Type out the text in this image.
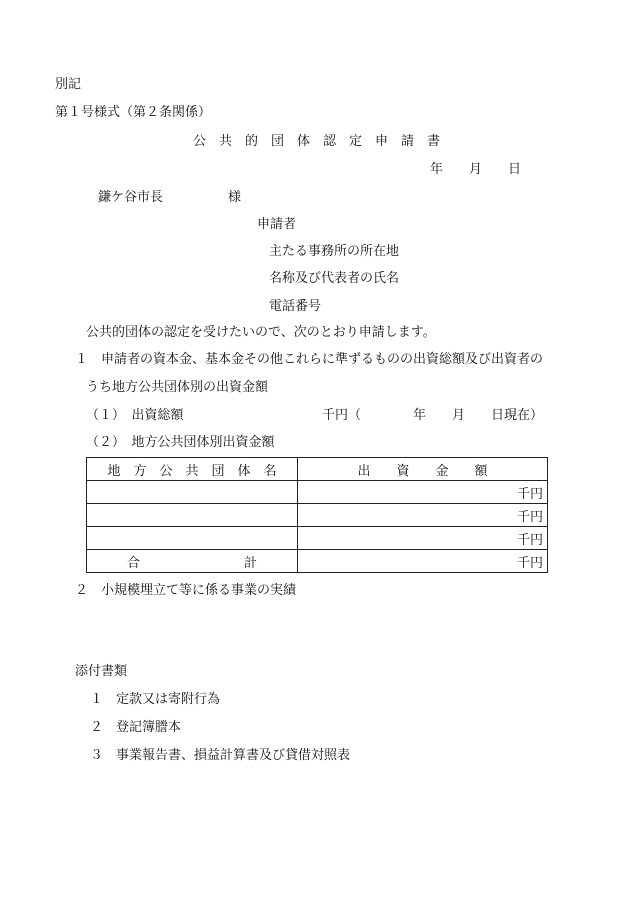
別記
第１号様式（第２条関係）
公　共　的　団　体　認　定　申　請　書
年　　月　　日
鎌ケ谷市長　　　　　様
申請者
主たる事務所の所在地
名称及び代表者の氏名
電話番号
公共的団体の認定を受けたいので、次のとおり申請します。
１　申請者の資本金、基本金その他これらに準ずるものの出資総額及び出資者の
うち地方公共団体別の出資金額
（１）　出資総額	千円（　　　　年　　月　　日現在）
（２）　地方公共団体別出資金額
地　方　公　共　団　体　名	出　　資　　金　　額
	千円
	千円
	千円
合　　　　　　　　計	千円
２　小規模埋立て等に係る事業の実績
添付書類
１　定款又は寄附行為
２　登記簿謄本
３　事業報告書、損益計算書及び貸借対照表
